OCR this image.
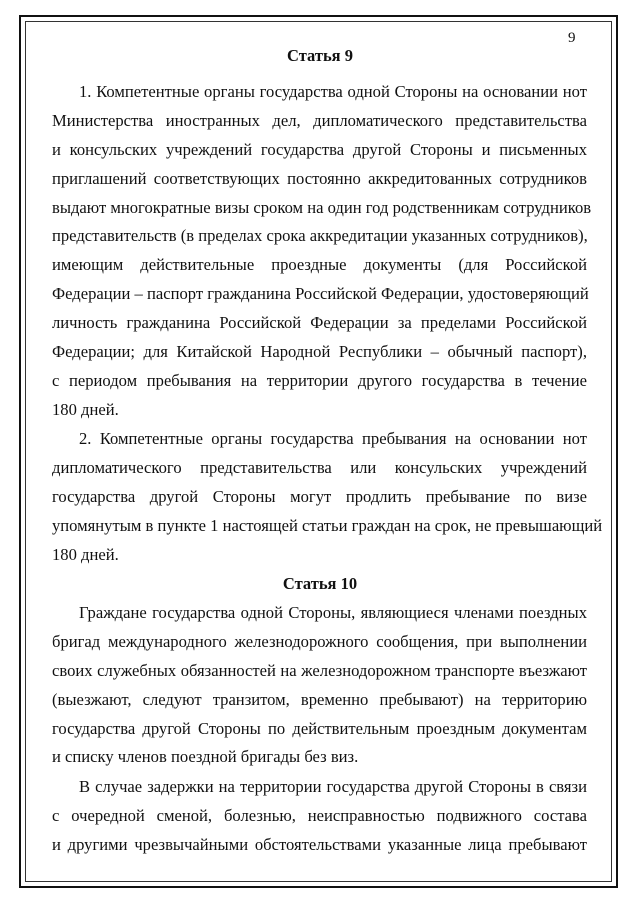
9
Статья 9
1. Компетентные органы государства одной Стороны на основании нот
Министерства иностранных дел, дипломатического представительства
и консульских учреждений государства другой Стороны и письменных
приглашений соответствующих постоянно аккредитованных сотрудников
выдают многократные визы сроком на один год родственникам сотрудников
представительств (в пределах срока аккредитации указанных сотрудников),
имеющим действительные проездные документы (для Российской
Федерации – паспорт гражданина Российской Федерации, удостоверяющий
личность гражданина Российской Федерации за пределами Российской
Федерации; для Китайской Народной Республики – обычный паспорт),
с периодом пребывания на территории другого государства в течение
180 дней.
2. Компетентные органы государства пребывания на основании нот
дипломатического представительства или консульских учреждений
государства другой Стороны могут продлить пребывание по визе
упомянутым в пункте 1 настоящей статьи граждан на срок, не превышающий
180 дней.
Статья 10
Граждане государства одной Стороны, являющиеся членами поездных
бригад международного железнодорожного сообщения, при выполнении
своих служебных обязанностей на железнодорожном транспорте въезжают
(выезжают, следуют транзитом, временно пребывают) на территорию
государства другой Стороны по действительным проездным документам
и списку членов поездной бригады без виз.
В случае задержки на территории государства другой Стороны в связи
с очередной сменой, болезнью, неисправностью подвижного состава
и другими чрезвычайными обстоятельствами указанные лица пребывают
